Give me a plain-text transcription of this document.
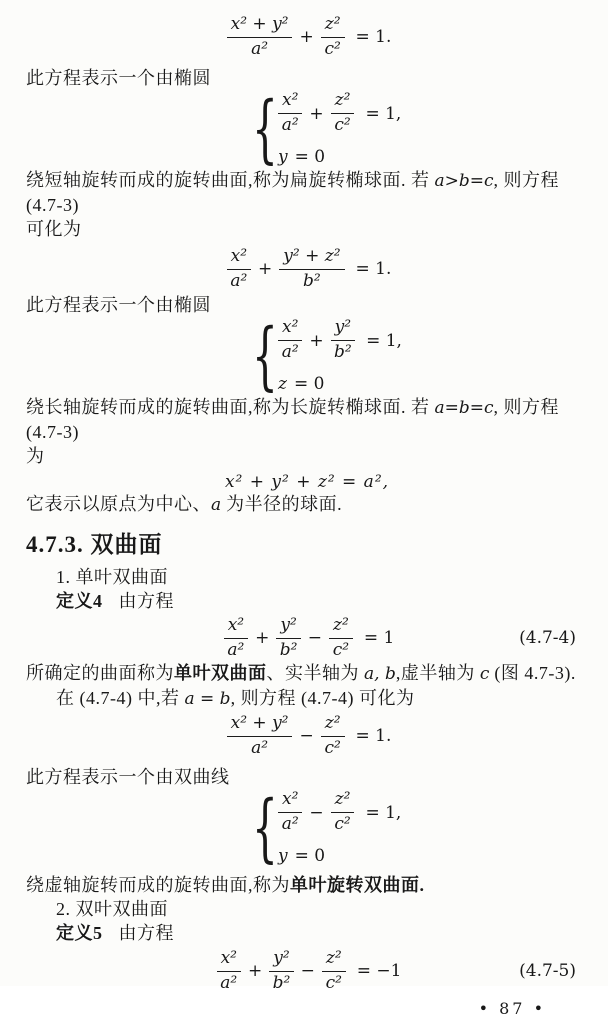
$\frac{\text{x² + y²}}{\text{a²}} + \frac{\text{z²}}{\text{c²}} = 1$.
此方程表示一个由椭圆
{ $\frac{\text{x²}}{\text{a²}} + \frac{\text{z²}}{\text{c²}} = 1$,
y = 0
绕短轴旋转而成的旋转曲面,称为扁旋转椭球面. 若 a>b=c, 则方程 (4.7-3)
可化为
$\frac{\text{x²}}{\text{a²}} + \frac{\text{y² + z²}}{\text{b²}} = 1$.
此方程表示一个由椭圆
{ $\frac{\text{x²}}{\text{a²}} + \frac{\text{y²}}{\text{b²}} = 1$,
z = 0
绕长轴旋转而成的旋转曲面,称为长旋转椭球面. 若 a=b=c, 则方程 (4.7-3)
为
x² + y² + z² = a²,
它表示以原点为中心、a 为半径的球面.
4.7.3. 双曲面
1. 单叶双曲面
定义4 由方程
$\frac{\text{x²}}{\text{a²}} + \frac{\text{y²}}{\text{b²}} - \frac{\text{z²}}{\text{c²}} = 1$	(4.7-4)
所确定的曲面称为单叶双曲面、实半轴为 a, b,虚半轴为 c (图 4.7-3).
在 (4.7-4) 中,若 a = b, 则方程 (4.7-4) 可化为
$\frac{\text{x² + y²}}{\text{a²}} - \frac{\text{z²}}{\text{c²}} = 1$.
此方程表示一个由双曲线
{ $\frac{\text{x²}}{\text{a²}} - \frac{\text{z²}}{\text{c²}} = 1$,
y = 0
绕虚轴旋转而成的旋转曲面,称为单叶旋转双曲面.
2. 双叶双曲面
定义5 由方程
$\frac{\text{x²}}{\text{a²}} + \frac{\text{y²}}{\text{b²}} - \frac{\text{z²}}{\text{c²}} = -1$	(4.7-5)
• 87 •
